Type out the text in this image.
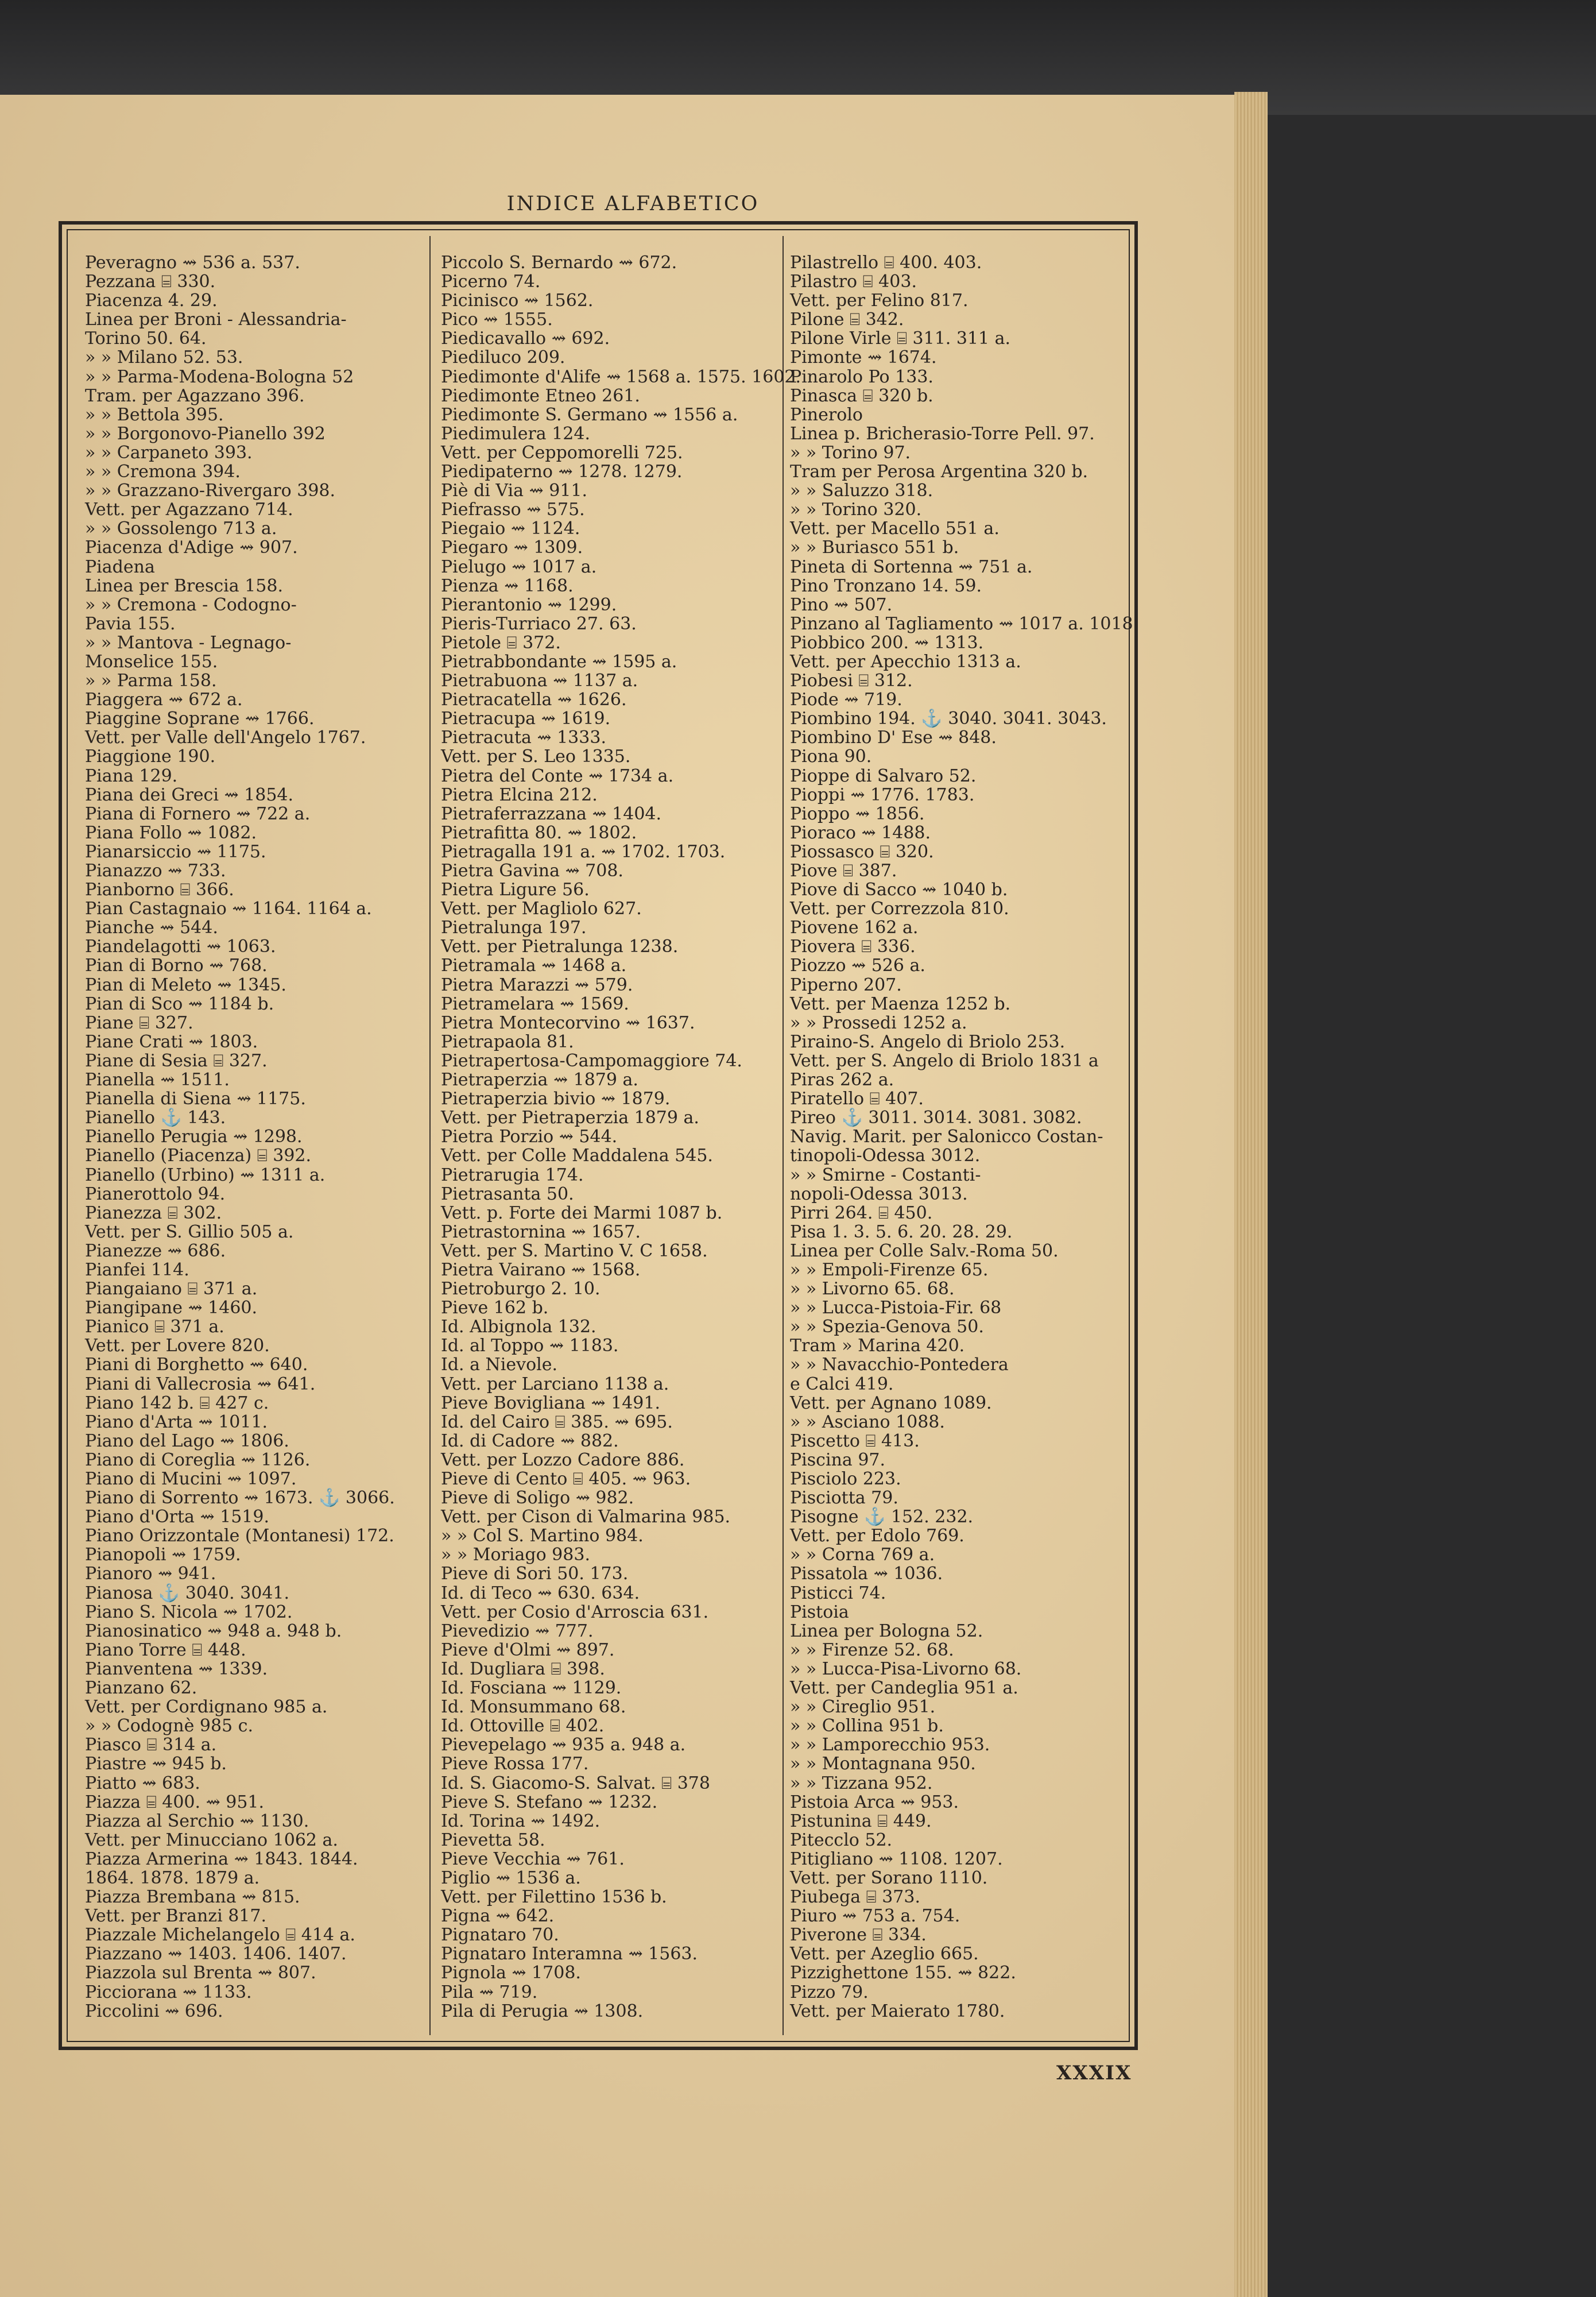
INDICE ALFABETICO
Peveragno ⇝ 536 a. 537.
Pezzana ⌸ 330.
Piacenza 4. 29.
Linea per Broni - Alessandria-
Torino 50. 64.
» » Milano 52. 53.
» » Parma-Modena-Bologna 52
Tram. per Agazzano 396.
» » Bettola 395.
» » Borgonovo-Pianello 392
» » Carpaneto 393.
» » Cremona 394.
» » Grazzano-Rivergaro 398.
Vett. per Agazzano 714.
» » Gossolengo 713 a.
Piacenza d'Adige ⇝ 907.
Piadena
Linea per Brescia 158.
» » Cremona - Codogno-
Pavia 155.
» » Mantova - Legnago-
Monselice 155.
» » Parma 158.
Piaggera ⇝ 672 a.
Piaggine Soprane ⇝ 1766.
Vett. per Valle dell'Angelo 1767.
Piaggione 190.
Piana 129.
Piana dei Greci ⇝ 1854.
Piana di Fornero ⇝ 722 a.
Piana Follo ⇝ 1082.
Pianarsiccio ⇝ 1175.
Pianazzo ⇝ 733.
Pianborno ⌸ 366.
Pian Castagnaio ⇝ 1164. 1164 a.
Pianche ⇝ 544.
Piandelagotti ⇝ 1063.
Pian di Borno ⇝ 768.
Pian di Meleto ⇝ 1345.
Pian di Sco ⇝ 1184 b.
Piane ⌸ 327.
Piane Crati ⇝ 1803.
Piane di Sesia ⌸ 327.
Pianella ⇝ 1511.
Pianella di Siena ⇝ 1175.
Pianello ⚓ 143.
Pianello Perugia ⇝ 1298.
Pianello (Piacenza) ⌸ 392.
Pianello (Urbino) ⇝ 1311 a.
Pianerottolo 94.
Pianezza ⌸ 302.
Vett. per S. Gillio 505 a.
Pianezze ⇝ 686.
Pianfei 114.
Piangaiano ⌸ 371 a.
Piangipane ⇝ 1460.
Pianico ⌸ 371 a.
Vett. per Lovere 820.
Piani di Borghetto ⇝ 640.
Piani di Vallecrosia ⇝ 641.
Piano 142 b. ⌸ 427 c.
Piano d'Arta ⇝ 1011.
Piano del Lago ⇝ 1806.
Piano di Coreglia ⇝ 1126.
Piano di Mucini ⇝ 1097.
Piano di Sorrento ⇝ 1673. ⚓ 3066.
Piano d'Orta ⇝ 1519.
Piano Orizzontale (Montanesi) 172.
Pianopoli ⇝ 1759.
Pianoro ⇝ 941.
Pianosa ⚓ 3040. 3041.
Piano S. Nicola ⇝ 1702.
Pianosinatico ⇝ 948 a. 948 b.
Piano Torre ⌸ 448.
Pianventena ⇝ 1339.
Pianzano 62.
Vett. per Cordignano 985 a.
» » Codognè 985 c.
Piasco ⌸ 314 a.
Piastre ⇝ 945 b.
Piatto ⇝ 683.
Piazza ⌸ 400. ⇝ 951.
Piazza al Serchio ⇝ 1130.
Vett. per Minucciano 1062 a.
Piazza Armerina ⇝ 1843. 1844.
1864. 1878. 1879 a.
Piazza Brembana ⇝ 815.
Vett. per Branzi 817.
Piazzale Michelangelo ⌸ 414 a.
Piazzano ⇝ 1403. 1406. 1407.
Piazzola sul Brenta ⇝ 807.
Picciorana ⇝ 1133.
Piccolini ⇝ 696.
Piccolo S. Bernardo ⇝ 672.
Picerno 74.
Picinisco ⇝ 1562.
Pico ⇝ 1555.
Piedicavallo ⇝ 692.
Piediluco 209.
Piedimonte d'Alife ⇝ 1568 a. 1575. 1602.
Piedimonte Etneo 261.
Piedimonte S. Germano ⇝ 1556 a.
Piedimulera 124.
Vett. per Ceppomorelli 725.
Piedipaterno ⇝ 1278. 1279.
Piè di Via ⇝ 911.
Piefrasso ⇝ 575.
Piegaio ⇝ 1124.
Piegaro ⇝ 1309.
Pielugo ⇝ 1017 a.
Pienza ⇝ 1168.
Pierantonio ⇝ 1299.
Pieris-Turriaco 27. 63.
Pietole ⌸ 372.
Pietrabbondante ⇝ 1595 a.
Pietrabuona ⇝ 1137 a.
Pietracatella ⇝ 1626.
Pietracupa ⇝ 1619.
Pietracuta ⇝ 1333.
Vett. per S. Leo 1335.
Pietra del Conte ⇝ 1734 a.
Pietra Elcina 212.
Pietraferrazzana ⇝ 1404.
Pietrafitta 80. ⇝ 1802.
Pietragalla 191 a. ⇝ 1702. 1703.
Pietra Gavina ⇝ 708.
Pietra Ligure 56.
Vett. per Magliolo 627.
Pietralunga 197.
Vett. per Pietralunga 1238.
Pietramala ⇝ 1468 a.
Pietra Marazzi ⇝ 579.
Pietramelara ⇝ 1569.
Pietra Montecorvino ⇝ 1637.
Pietrapaola 81.
Pietrapertosa-Campomaggiore 74.
Pietraperzia ⇝ 1879 a.
Pietraperzia bivio ⇝ 1879.
Vett. per Pietraperzia 1879 a.
Pietra Porzio ⇝ 544.
Vett. per Colle Maddalena 545.
Pietrarugia 174.
Pietrasanta 50.
Vett. p. Forte dei Marmi 1087 b.
Pietrastornina ⇝ 1657.
Vett. per S. Martino V. C 1658.
Pietra Vairano ⇝ 1568.
Pietroburgo 2. 10.
Pieve 162 b.
Id. Albignola 132.
Id. al Toppo ⇝ 1183.
Id. a Nievole.
Vett. per Larciano 1138 a.
Pieve Bovigliana ⇝ 1491.
Id. del Cairo ⌸ 385. ⇝ 695.
Id. di Cadore ⇝ 882.
Vett. per Lozzo Cadore 886.
Pieve di Cento ⌸ 405. ⇝ 963.
Pieve di Soligo ⇝ 982.
Vett. per Cison di Valmarina 985.
» » Col S. Martino 984.
» » Moriago 983.
Pieve di Sori 50. 173.
Id. di Teco ⇝ 630. 634.
Vett. per Cosio d'Arroscia 631.
Pievedizio ⇝ 777.
Pieve d'Olmi ⇝ 897.
Id. Dugliara ⌸ 398.
Id. Fosciana ⇝ 1129.
Id. Monsummano 68.
Id. Ottoville ⌸ 402.
Pievepelago ⇝ 935 a. 948 a.
Pieve Rossa 177.
Id. S. Giacomo-S. Salvat. ⌸ 378
Pieve S. Stefano ⇝ 1232.
Id. Torina ⇝ 1492.
Pievetta 58.
Pieve Vecchia ⇝ 761.
Piglio ⇝ 1536 a.
Vett. per Filettino 1536 b.
Pigna ⇝ 642.
Pignataro 70.
Pignataro Interamna ⇝ 1563.
Pignola ⇝ 1708.
Pila ⇝ 719.
Pila di Perugia ⇝ 1308.
Pilastrello ⌸ 400. 403.
Pilastro ⌸ 403.
Vett. per Felino 817.
Pilone ⌸ 342.
Pilone Virle ⌸ 311. 311 a.
Pimonte ⇝ 1674.
Pinarolo Po 133.
Pinasca ⌸ 320 b.
Pinerolo
Linea p. Bricherasio-Torre Pell. 97.
» » Torino 97.
Tram per Perosa Argentina 320 b.
» » Saluzzo 318.
» » Torino 320.
Vett. per Macello 551 a.
» » Buriasco 551 b.
Pineta di Sortenna ⇝ 751 a.
Pino Tronzano 14. 59.
Pino ⇝ 507.
Pinzano al Tagliamento ⇝ 1017 a. 1018
Piobbico 200. ⇝ 1313.
Vett. per Apecchio 1313 a.
Piobesi ⌸ 312.
Piode ⇝ 719.
Piombino 194. ⚓ 3040. 3041. 3043.
Piombino D' Ese ⇝ 848.
Piona 90.
Pioppe di Salvaro 52.
Pioppi ⇝ 1776. 1783.
Pioppo ⇝ 1856.
Pioraco ⇝ 1488.
Piossasco ⌸ 320.
Piove ⌸ 387.
Piove di Sacco ⇝ 1040 b.
Vett. per Correzzola 810.
Piovene 162 a.
Piovera ⌸ 336.
Piozzo ⇝ 526 a.
Piperno 207.
Vett. per Maenza 1252 b.
» » Prossedi 1252 a.
Piraino-S. Angelo di Briolo 253.
Vett. per S. Angelo di Briolo 1831 a
Piras 262 a.
Piratello ⌸ 407.
Pireo ⚓ 3011. 3014. 3081. 3082.
Navig. Marit. per Salonicco Costan-
tinopoli-Odessa 3012.
» » Smirne - Costanti-
nopoli-Odessa 3013.
Pirri 264. ⌸ 450.
Pisa 1. 3. 5. 6. 20. 28. 29.
Linea per Colle Salv.-Roma 50.
» » Empoli-Firenze 65.
» » Livorno 65. 68.
» » Lucca-Pistoia-Fir. 68
» » Spezia-Genova 50.
Tram » Marina 420.
» » Navacchio-Pontedera
e Calci 419.
Vett. per Agnano 1089.
» » Asciano 1088.
Piscetto ⌸ 413.
Piscina 97.
Pisciolo 223.
Pisciotta 79.
Pisogne ⚓ 152. 232.
Vett. per Edolo 769.
» » Corna 769 a.
Pissatola ⇝ 1036.
Pisticci 74.
Pistoia
Linea per Bologna 52.
» » Firenze 52. 68.
» » Lucca-Pisa-Livorno 68.
Vett. per Candeglia 951 a.
» » Cireglio 951.
» » Collina 951 b.
» » Lamporecchio 953.
» » Montagnana 950.
» » Tizzana 952.
Pistoia Arca ⇝ 953.
Pistunina ⌸ 449.
Pitecclo 52.
Pitigliano ⇝ 1108. 1207.
Vett. per Sorano 1110.
Piubega ⌸ 373.
Piuro ⇝ 753 a. 754.
Piverone ⌸ 334.
Vett. per Azeglio 665.
Pizzighettone 155. ⇝ 822.
Pizzo 79.
Vett. per Maierato 1780.
XXXIX
